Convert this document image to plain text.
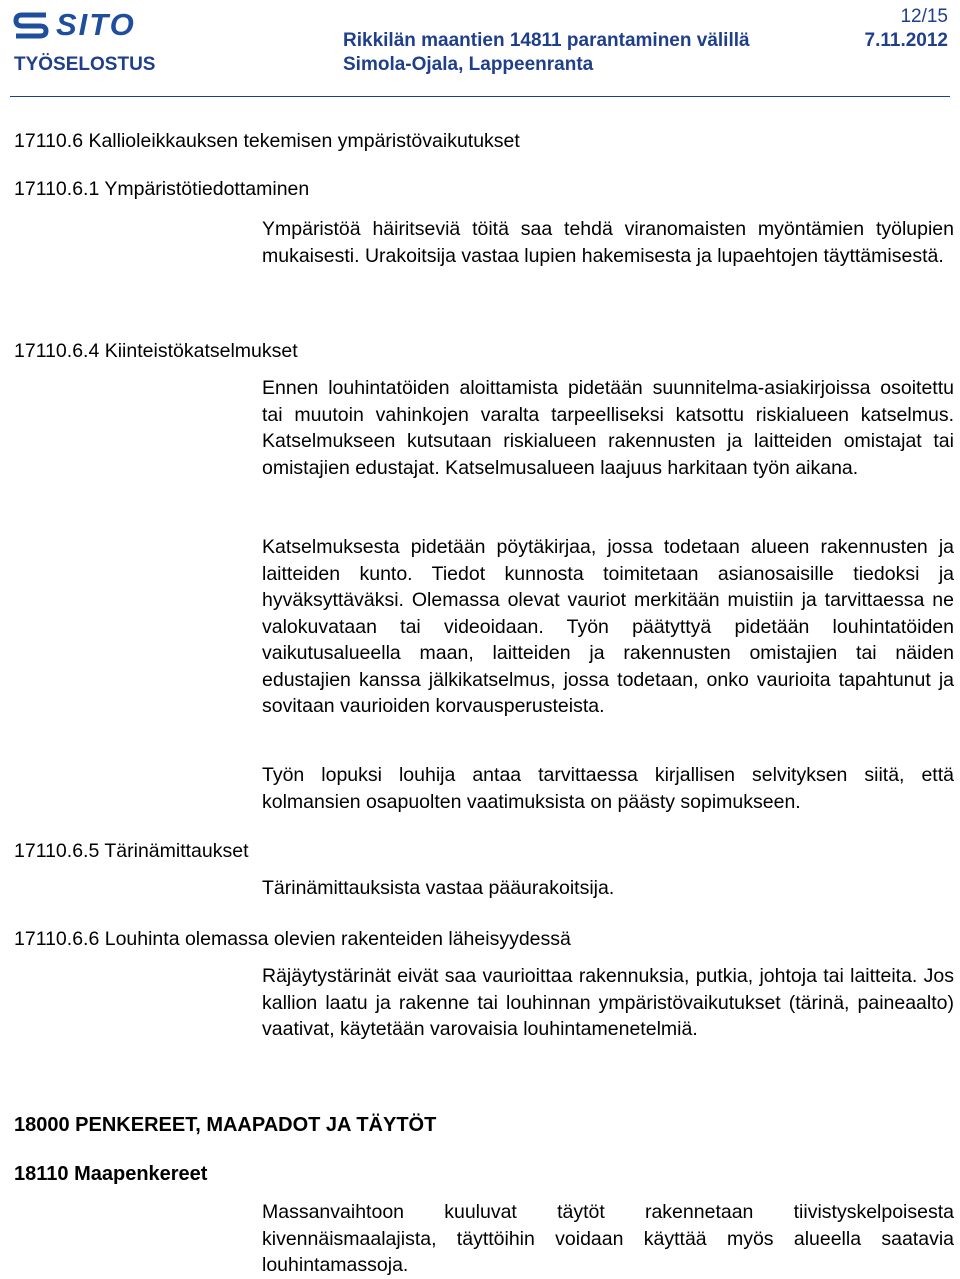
SITO
TYÖSELOSTUS
Rikkilän maantien 14811 parantaminen välillä
Simola-Ojala, Lappeenranta
12/15
7.11.2012
17110.6 Kallioleikkauksen tekemisen ympäristövaikutukset
17110.6.1 Ympäristötiedottaminen

Ympäristöä häiritseviä töitä saa tehdä viranomaisten myöntämien työlupien mukaisesti. Urakoitsija vastaa lupien hakemisesta ja lupaehtojen täyttämisestä.

17110.6.4 Kiinteistökatselmukset

Ennen louhintatöiden aloittamista pidetään suunnitelma-asiakirjoissa osoitettu tai muutoin vahinkojen varalta tarpeelliseksi katsottu riskialueen katselmus. Katselmukseen kutsutaan riskialueen rakennusten ja laitteiden omistajat tai omistajien edustajat. Katselmusalueen laajuus harkitaan työn aikana.

Katselmuksesta pidetään pöytäkirjaa, jossa todetaan alueen rakennusten ja laitteiden kunto. Tiedot kunnosta toimitetaan asianosaisille tiedoksi ja hyväksyttäväksi. Olemassa olevat vauriot merkitään muistiin ja tarvittaessa ne valokuvataan tai videoidaan. Työn päätyttyä pidetään louhintatöiden vaikutusalueella maan, laitteiden ja rakennusten omistajien tai näiden edustajien kanssa jälkikatselmus, jossa todetaan, onko vaurioita tapahtunut ja sovitaan vaurioiden korvausperusteista.

Työn lopuksi louhija antaa tarvittaessa kirjallisen selvityksen siitä, että kolmansien osapuolten vaatimuksista on päästy sopimukseen.

17110.6.5 Tärinämittaukset

Tärinämittauksista vastaa pääurakoitsija.

17110.6.6 Louhinta olemassa olevien rakenteiden läheisyydessä

Räjäytystärinät eivät saa vaurioittaa rakennuksia, putkia, johtoja tai laitteita. Jos kallion laatu ja rakenne tai louhinnan ympäristövaikutukset (tärinä, paineaalto) vaativat, käytetään varovaisia louhintamenetelmiä.

18000 PENKEREET, MAAPADOT JA TÄYTÖT
18110 Maapenkereet

Massanvaihtoon kuuluvat täytöt rakennetaan tiivistyskelpoisesta kivennäismaalajista, täyttöihin voidaan käyttää myös alueella saatavia louhintamassoja.
